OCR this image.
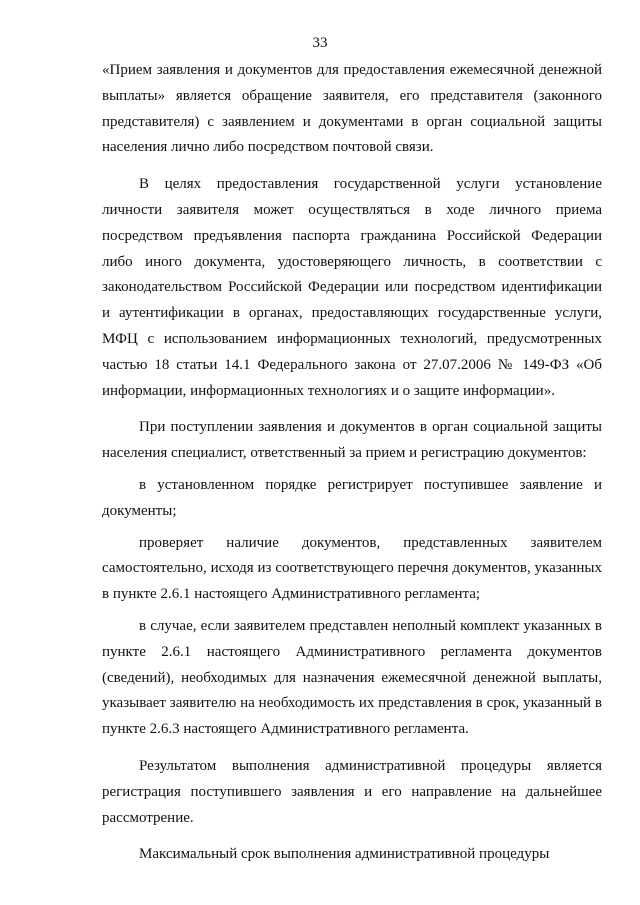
33

«Прием заявления и документов для предоставления ежемесячной денежной выплаты» является обращение заявителя, его представителя (законного представителя) с заявлением и документами в орган социальной защиты населения лично либо посредством почтовой связи.

В целях предоставления государственной услуги установление личности заявителя может осуществляться в ходе личного приема посредством предъявления паспорта гражданина Российской Федерации либо иного документа, удостоверяющего личность, в соответствии с законодательством Российской Федерации или посредством идентификации и аутентификации в органах, предоставляющих государственные услуги, МФЦ с использованием информационных технологий, предусмотренных частью 18 статьи 14.1 Федерального закона от 27.07.2006 № 149-ФЗ «Об информации, информационных технологиях и о защите информации».

При поступлении заявления и документов в орган социальной защиты населения специалист, ответственный за прием и регистрацию документов:

в установленном порядке регистрирует поступившее заявление и документы;

проверяет наличие документов, представленных заявителем самостоятельно, исходя из соответствующего перечня документов, указанных в пункте 2.6.1 настоящего Административного регламента;

в случае, если заявителем представлен неполный комплект указанных в пункте 2.6.1 настоящего Административного регламента документов (сведений), необходимых для назначения ежемесячной денежной выплаты, указывает заявителю на необходимость их представления в срок, указанный в пункте 2.6.3 настоящего Административного регламента.

Результатом выполнения административной процедуры является регистрация поступившего заявления и его направление на дальнейшее рассмотрение.

Максимальный срок выполнения административной процедуры
